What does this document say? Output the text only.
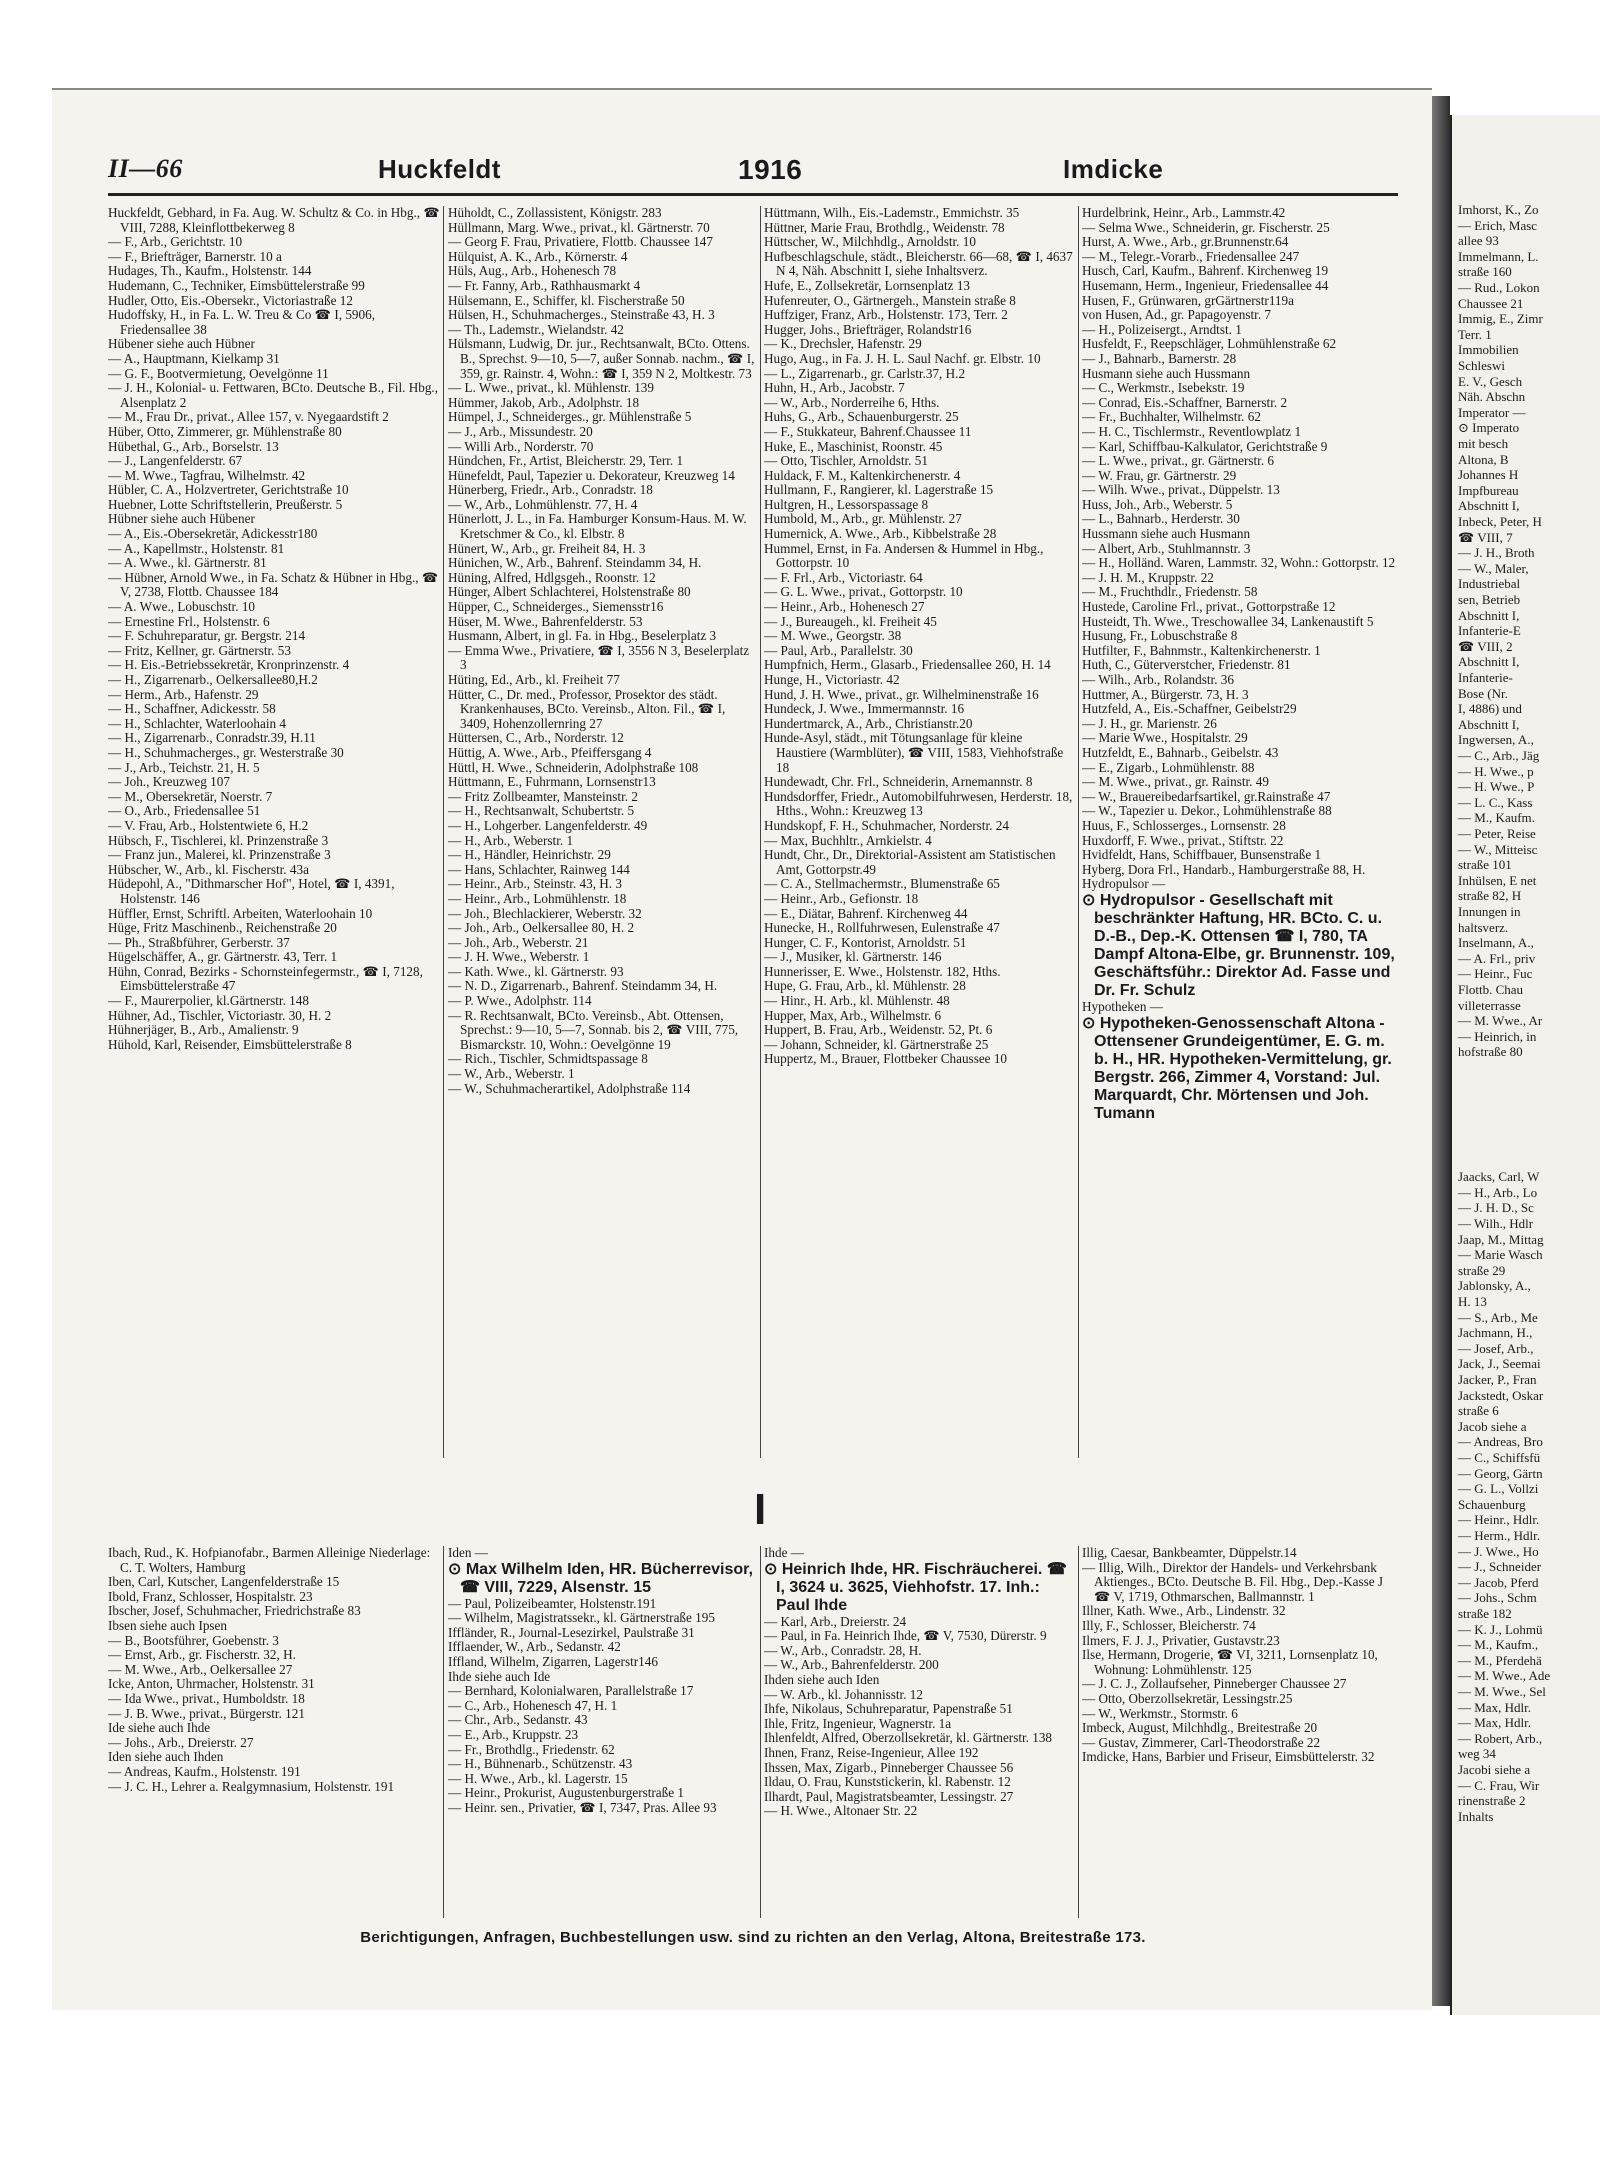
Imhorst, K., Zo
— Erich, Masc
allee 93
Immelmann, L.
straße 160
— Rud., Lokon
Chaussee 21
Immig, E., Zimr
Terr. 1
Immobilien
Schleswi
E. V., Gesch
Näh. Abschn
Imperator —
⊙ Imperato
mit besch
Altona, B
Johannes H
Impfbureau
Abschnitt I,
Inbeck, Peter, H
☎ VIII, 7
— J. H., Broth
— W., Maler,
Industriebal
sen, Betrieb
Abschnitt I,
Infanterie-E
☎ VIII, 2
Abschnitt I,
Infanterie-
Bose (Nr.
I, 4886) und
Abschnitt I,
Ingwersen, A.,
— C., Arb., Jäg
— H. Wwe., p
— H. Wwe., P
— L. C., Kass
— M., Kaufm.
— Peter, Reise
— W., Mitteisc
straße 101
Inhülsen, E net
straße 82, H
Innungen in
haltsverz.
Inselmann, A.,
— A. Frl., priv
— Heinr., Fuc
Flottb. Chau
villeterrasse
— M. Wwe., Ar
— Heinrich, in
hofstraße 80
Jaacks, Carl, W
— H., Arb., Lo
— J. H. D., Sc
— Wilh., Hdlr
Jaap, M., Mittag
— Marie Wasch
straße 29
Jablonsky, A.,
H. 13
— S., Arb., Me
Jachmann, H.,
— Josef, Arb.,
Jack, J., Seemai
Jacker, P., Fran
Jackstedt, Oskar
straße 6
Jacob siehe a
— Andreas, Bro
— C., Schiffsfü
— Georg, Gärtn
— G. L., Vollzi
Schauenburg
— Heinr., Hdlr.
— Herm., Hdlr.
— J. Wwe., Ho
— J., Schneider
— Jacob, Pferd
— Johs., Schm
straße 182
— K. J., Lohmü
— M., Kaufm.,
— M., Pferdehä
— M. Wwe., Ade
— M. Wwe., Sel
— Max, Hdlr.
— Max, Hdlr.
— Robert, Arb.,
weg 34
Jacobi siehe a
— C. Frau, Wir
rinenstraße 2
Inhalts
II—66	Huckfeldt	1916	Imdicke

Huckfeldt, Gebhard, in Fa. Aug. W. Schultz & Co. in Hbg., ☎ VIII, 7288, Kleinflottbekerweg 8

— F., Arb., Gerichtstr. 10

— F., Briefträger, Barnerstr. 10 a

Hudages, Th., Kaufm., Holstenstr. 144

Hudemann, C., Techniker, Eimsbüttelerstraße 99

Hudler, Otto, Eis.-Obersekr., Victoriastraße 12

Hudoffsky, H., in Fa. L. W. Treu & Co ☎ I, 5906, Friedensallee 38

Hübener siehe auch Hübner

— A., Hauptmann, Kielkamp 31

— G. F., Bootvermietung, Oevelgönne 11

— J. H., Kolonial- u. Fettwaren, BCto. Deutsche B., Fil. Hbg., Alsenplatz 2

— M., Frau Dr., privat., Allee 157, v. Nyegaardstift 2

Hüber, Otto, Zimmerer, gr. Mühlenstraße 80

Hübethal, G., Arb., Borselstr. 13

— J., Langenfelderstr. 67

— M. Wwe., Tagfrau, Wilhelmstr. 42

Hübler, C. A., Holzvertreter, Gerichtstraße 10

Huebner, Lotte Schriftstellerin, Preußerstr. 5

Hübner siehe auch Hübener

— A., Eis.-Obersekretär, Adickesstr180

— A., Kapellmstr., Holstenstr. 81

— A. Wwe., kl. Gärtnerstr. 81

— Hübner, Arnold Wwe., in Fa. Schatz & Hübner in Hbg., ☎ V, 2738, Flottb. Chaussee 184

— A. Wwe., Lobuschstr. 10

— Ernestine Frl., Holstenstr. 6

— F. Schuhreparatur, gr. Bergstr. 214

— Fritz, Kellner, gr. Gärtnerstr. 53

— H. Eis.-Betriebssekretär, Kronprinzenstr. 4

— H., Zigarrenarb., Oelkersallee80,H.2

— Herm., Arb., Hafenstr. 29

— H., Schaffner, Adickesstr. 58

— H., Schlachter, Waterloohain 4

— H., Zigarrenarb., Conradstr.39, H.11

— H., Schuhmacherges., gr. Westerstraße 30

— J., Arb., Teichstr. 21, H. 5

— Joh., Kreuzweg 107

— M., Obersekretär, Noerstr. 7

— O., Arb., Friedensallee 51

— V. Frau, Arb., Holstentwiete 6, H.2

Hübsch, F., Tischlerei, kl. Prinzenstraße 3

— Franz jun., Malerei, kl. Prinzenstraße 3

Hübscher, W., Arb., kl. Fischerstr. 43a

Hüdepohl, A., "Dithmarscher Hof", Hotel, ☎ I, 4391, Holstenstr. 146

Hüffler, Ernst, Schriftl. Arbeiten, Waterloohain 10

Hüge, Fritz Maschinenb., Reichenstraße 20

— Ph., Straßbführer, Gerberstr. 37

Hügelschäffer, A., gr. Gärtnerstr. 43, Terr. 1

Hühn, Conrad, Bezirks - Schornsteinfegermstr., ☎ I, 7128, Eimsbüttelerstraße 47

— F., Maurerpolier, kl.Gärtnerstr. 148

Hühner, Ad., Tischler, Victoriastr. 30, H. 2

Hühnerjäger, B., Arb., Amalienstr. 9

Hühold, Karl, Reisender, Eimsbüttelerstraße 8

Hüholdt, C., Zollassistent, Königstr. 283

Hüllmann, Marg. Wwe., privat., kl. Gärtnerstr. 70

— Georg F. Frau, Privatiere, Flottb. Chaussee 147

Hülquist, A. K., Arb., Körnerstr. 4

Hüls, Aug., Arb., Hohenesch 78

— Fr. Fanny, Arb., Rathhausmarkt 4

Hülsemann, E., Schiffer, kl. Fischerstraße 50

Hülsen, H., Schuhmacherges., Steinstraße 43, H. 3

— Th., Lademstr., Wielandstr. 42

Hülsmann, Ludwig, Dr. jur., Rechtsanwalt, BCto. Ottens. B., Sprechst. 9—10, 5—7, außer Sonnab. nachm., ☎ I, 359, gr. Rainstr. 4, Wohn.: ☎ I, 359 N 2, Moltkestr. 73

— L. Wwe., privat., kl. Mühlenstr. 139

Hümmer, Jakob, Arb., Adolphstr. 18

Hümpel, J., Schneiderges., gr. Mühlenstraße 5

— J., Arb., Missundestr. 20

— Willi Arb., Norderstr. 70

Hündchen, Fr., Artist, Bleicherstr. 29, Terr. 1

Hünefeldt, Paul, Tapezier u. Dekorateur, Kreuzweg 14

Hünerberg, Friedr., Arb., Conradstr. 18

— W., Arb., Lohmühlenstr. 77, H. 4

Hünerlott, J. L., in Fa. Hamburger Konsum-Haus. M. W. Kretschmer & Co., kl. Elbstr. 8

Hünert, W., Arb., gr. Freiheit 84, H. 3

Hünichen, W., Arb., Bahrenf. Steindamm 34, H.

Hüning, Alfred, Hdlgsgeh., Roonstr. 12

Hünger, Albert Schlachterei, Holstenstraße 80

Hüpper, C., Schneiderges., Siemensstr16

Hüser, M. Wwe., Bahrenfelderstr. 53

Husmann, Albert, in gl. Fa. in Hbg., Beselerplatz 3

— Emma Wwe., Privatiere, ☎ I, 3556 N 3, Beselerplatz 3

Hüting, Ed., Arb., kl. Freiheit 77

Hütter, C., Dr. med., Professor, Prosektor des städt. Krankenhauses, BCto. Vereinsb., Alton. Fil., ☎ I, 3409, Hohenzollernring 27

Hüttersen, C., Arb., Norderstr. 12

Hüttig, A. Wwe., Arb., Pfeiffersgang 4

Hüttl, H. Wwe., Schneiderin, Adolphstraße 108

Hüttmann, E., Fuhrmann, Lornsenstr13

— Fritz Zollbeamter, Mansteinstr. 2

— H., Rechtsanwalt, Schubertstr. 5

— H., Lohgerber. Langenfelderstr. 49

— H., Arb., Weberstr. 1

— H., Händler, Heinrichstr. 29

— Hans, Schlachter, Rainweg 144

— Heinr., Arb., Steinstr. 43, H. 3

— Heinr., Arb., Lohmühlenstr. 18

— Joh., Blechlackierer, Weberstr. 32

— Joh., Arb., Oelkersallee 80, H. 2

— Joh., Arb., Weberstr. 21

— J. H. Wwe., Weberstr. 1

— Kath. Wwe., kl. Gärtnerstr. 93

— N. D., Zigarrenarb., Bahrenf. Steindamm 34, H.

— P. Wwe., Adolphstr. 114

— R. Rechtsanwalt, BCto. Vereinsb., Abt. Ottensen, Sprechst.: 9—10, 5—7, Sonnab. bis 2, ☎ VIII, 775, Bismarckstr. 10, Wohn.: Oevelgönne 19

— Rich., Tischler, Schmidtspassage 8

— W., Arb., Weberstr. 1

— W., Schuhmacherartikel, Adolphstraße 114

Hüttmann, Wilh., Eis.-Lademstr., Emmichstr. 35

Hüttner, Marie Frau, Brothdlg., Weidenstr. 78

Hüttscher, W., Milchhdlg., Arnoldstr. 10

Hufbeschlagschule, städt., Bleicherstr. 66—68, ☎ I, 4637 N 4, Näh. Abschnitt I, siehe Inhaltsverz.

Hufe, E., Zollsekretär, Lornsenplatz 13

Hufenreuter, O., Gärtnergeh., Manstein straße 8

Huffziger, Franz, Arb., Holstenstr. 173, Terr. 2

Hugger, Johs., Briefträger, Rolandstr16

— K., Drechsler, Hafenstr. 29

Hugo, Aug., in Fa. J. H. L. Saul Nachf. gr. Elbstr. 10

— L., Zigarrenarb., gr. Carlstr.37, H.2

Huhn, H., Arb., Jacobstr. 7

— W., Arb., Norderreihe 6, Hths.

Huhs, G., Arb., Schauenburgerstr. 25

— F., Stukkateur, Bahrenf.Chaussee 11

Huke, E., Maschinist, Roonstr. 45

— Otto, Tischler, Arnoldstr. 51

Huldack, F. M., Kaltenkirchenerstr. 4

Hullmann, F., Rangierer, kl. Lagerstraße 15

Hultgren, H., Lessorspassage 8

Humbold, M., Arb., gr. Mühlenstr. 27

Humernick, A. Wwe., Arb., Kibbelstraße 28

Hummel, Ernst, in Fa. Andersen & Hummel in Hbg., Gottorpstr. 10

— F. Frl., Arb., Victoriastr. 64

— G. L. Wwe., privat., Gottorpstr. 10

— Heinr., Arb., Hohenesch 27

— J., Bureaugeh., kl. Freiheit 45

— M. Wwe., Georgstr. 38

— Paul, Arb., Parallelstr. 30

Humpfnich, Herm., Glasarb., Friedensallee 260, H. 14

Hunge, H., Victoriastr. 42

Hund, J. H. Wwe., privat., gr. Wilhelminenstraße 16

Hundeck, J. Wwe., Immermannstr. 16

Hundertmarck, A., Arb., Christianstr.20

Hunde-Asyl, städt., mit Tötungsanlage für kleine Haustiere (Warmblüter), ☎ VIII, 1583, Viehhofstraße 18

Hundewadt, Chr. Frl., Schneiderin, Arnemannstr. 8

Hundsdorffer, Friedr., Automobilfuhrwesen, Herderstr. 18, Hths., Wohn.: Kreuzweg 13

Hundskopf, F. H., Schuhmacher, Norderstr. 24

— Max, Buchhltr., Arnkielstr. 4

Hundt, Chr., Dr., Direktorial-Assistent am Statistischen Amt, Gottorpstr.49

— C. A., Stellmachermstr., Blumenstraße 65

— Heinr., Arb., Gefionstr. 18

— E., Diätar, Bahrenf. Kirchenweg 44

Hunecke, H., Rollfuhrwesen, Eulenstraße 47

Hunger, C. F., Kontorist, Arnoldstr. 51

— J., Musiker, kl. Gärtnerstr. 146

Hunnerisser, E. Wwe., Holstenstr. 182, Hths.

Hupe, G. Frau, Arb., kl. Mühlenstr. 28

— Hinr., H. Arb., kl. Mühlenstr. 48

Hupper, Max, Arb., Wilhelmstr. 6

Huppert, B. Frau, Arb., Weidenstr. 52, Pt. 6

— Johann, Schneider, kl. Gärtnerstraße 25

Huppertz, M., Brauer, Flottbeker Chaussee 10

Hurdelbrink, Heinr., Arb., Lammstr.42

— Selma Wwe., Schneiderin, gr. Fischerstr. 25

Hurst, A. Wwe., Arb., gr.Brunnenstr.64

— M., Telegr.-Vorarb., Friedensallee 247

Husch, Carl, Kaufm., Bahrenf. Kirchenweg 19

Husemann, Herm., Ingenieur, Friedensallee 44

Husen, F., Grünwaren, grGärtnerstr119a

von Husen, Ad., gr. Papagoyenstr. 7

— H., Polizeisergt., Arndtst. 1

Husfeldt, F., Reepschläger, Lohmühlenstraße 62

— J., Bahnarb., Barnerstr. 28

Husmann siehe auch Hussmann

— C., Werkmstr., Isebekstr. 19

— Conrad, Eis.-Schaffner, Barnerstr. 2

— Fr., Buchhalter, Wilhelmstr. 62

— H. C., Tischlermstr., Reventlowplatz 1

— Karl, Schiffbau-Kalkulator, Gerichtstraße 9

— L. Wwe., privat., gr. Gärtnerstr. 6

— W. Frau, gr. Gärtnerstr. 29

— Wilh. Wwe., privat., Düppelstr. 13

Huss, Joh., Arb., Weberstr. 5

— L., Bahnarb., Herderstr. 30

Hussmann siehe auch Husmann

— Albert, Arb., Stuhlmannstr. 3

— H., Holländ. Waren, Lammstr. 32, Wohn.: Gottorpstr. 12

— J. H. M., Kruppstr. 22

— M., Fruchthdlr., Friedenstr. 58

Hustede, Caroline Frl., privat., Gottorpstraße 12

Husteidt, Th. Wwe., Treschowallee 34, Lankenaustift 5

Husung, Fr., Lobuschstraße 8

Hutfilter, F., Bahnmstr., Kaltenkirchenerstr. 1

Huth, C., Güterverstcher, Friedenstr. 81

— Wilh., Arb., Rolandstr. 36

Huttmer, A., Bürgerstr. 73, H. 3

Hutzfeld, A., Eis.-Schaffner, Geibelstr29

— J. H., gr. Marienstr. 26

— Marie Wwe., Hospitalstr. 29

Hutzfeldt, E., Bahnarb., Geibelstr. 43

— E., Zigarb., Lohmühlenstr. 88

— M. Wwe., privat., gr. Rainstr. 49

— W., Brauereibedarfsartikel, gr.Rainstraße 47

— W., Tapezier u. Dekor., Lohmühlenstraße 88

Huus, F., Schlosserges., Lornsenstr. 28

Huxdorff, F. Wwe., privat., Stiftstr. 22

Hvidfeldt, Hans, Schiffbauer, Bunsenstraße 1

Hyberg, Dora Frl., Handarb., Hamburgerstraße 88, H.

Hydropulsor —

⊙ Hydropulsor - Gesellschaft mit beschränkter Haftung, HR. BCto. C. u. D.-B., Dep.-K. Ottensen ☎ I, 780, TA Dampf Altona-Elbe, gr. Brunnenstr. 109, Geschäftsführ.: Direktor Ad. Fasse und Dr. Fr. Schulz

Hypotheken —

⊙ Hypotheken-Genossenschaft Altona - Ottensener Grundeigentümer, E. G. m. b. H., HR. Hypotheken-Vermittelung, gr. Bergstr. 266, Zimmer 4, Vorstand: Jul. Marquardt, Chr. Mörtensen und Joh. Tumann

I

Ibach, Rud., K. Hofpianofabr., Barmen Alleinige Niederlage: C. T. Wolters, Hamburg

Iben, Carl, Kutscher, Langenfelderstraße 15

Ibold, Franz, Schlosser, Hospitalstr. 23

Ibscher, Josef, Schuhmacher, Friedrichstraße 83

Ibsen siehe auch Ipsen

— B., Bootsführer, Goebenstr. 3

— Ernst, Arb., gr. Fischerstr. 32, H.

— M. Wwe., Arb., Oelkersallee 27

Icke, Anton, Uhrmacher, Holstenstr. 31

— Ida Wwe., privat., Humboldstr. 18

— J. B. Wwe., privat., Bürgerstr. 121

Ide siehe auch Ihde

— Johs., Arb., Dreierstr. 27

Iden siehe auch Ihden

— Andreas, Kaufm., Holstenstr. 191

— J. C. H., Lehrer a. Realgymnasium, Holstenstr. 191

Iden —

⊙ Max Wilhelm Iden, HR. Bücherrevisor, ☎ VIII, 7229, Alsenstr. 15

— Paul, Polizeibeamter, Holstenstr.191

— Wilhelm, Magistratssekr., kl. Gärtnerstraße 195

Iffländer, R., Journal-Lesezirkel, Paulstraße 31

Ifflaender, W., Arb., Sedanstr. 42

Iffland, Wilhelm, Zigarren, Lagerstr146

Ihde siehe auch Ide

— Bernhard, Kolonialwaren, Parallelstraße 17

— C., Arb., Hohenesch 47, H. 1

— Chr., Arb., Sedanstr. 43

— E., Arb., Kruppstr. 23

— Fr., Brothdlg., Friedenstr. 62

— H., Bühnenarb., Schützenstr. 43

— H. Wwe., Arb., kl. Lagerstr. 15

— Heinr., Prokurist, Augustenburgerstraße 1

— Heinr. sen., Privatier, ☎ I, 7347, Pras. Allee 93

Ihde —

⊙ Heinrich Ihde, HR. Fischräucherei. ☎ I, 3624 u. 3625, Viehhofstr. 17. Inh.: Paul Ihde

— Karl, Arb., Dreierstr. 24

— Paul, in Fa. Heinrich Ihde, ☎ V, 7530, Dürerstr. 9

— W., Arb., Conradstr. 28, H.

— W., Arb., Bahrenfelderstr. 200

Ihden siehe auch Iden

— W. Arb., kl. Johannisstr. 12

Ihfe, Nikolaus, Schuhreparatur, Papenstraße 51

Ihle, Fritz, Ingenieur, Wagnerstr. 1a

Ihlenfeldt, Alfred, Oberzollsekretär, kl. Gärtnerstr. 138

Ihnen, Franz, Reise-Ingenieur, Allee 192

Ihssen, Max, Zigarb., Pinneberger Chaussee 56

Ildau, O. Frau, Kunststickerin, kl. Rabenstr. 12

Ilhardt, Paul, Magistratsbeamter, Lessingstr. 27

— H. Wwe., Altonaer Str. 22

Illig, Caesar, Bankbeamter, Düppelstr.14

— Illig, Wilh., Direktor der Handels- und Verkehrsbank Aktienges., BCto. Deutsche B. Fil. Hbg., Dep.-Kasse J ☎ V, 1719, Othmarschen, Ballmannstr. 1

Illner, Kath. Wwe., Arb., Lindenstr. 32

Illy, F., Schlosser, Bleicherstr. 74

Ilmers, F. J. J., Privatier, Gustavstr.23

Ilse, Hermann, Drogerie, ☎ VI, 3211, Lornsenplatz 10, Wohnung: Lohmühlenstr. 125

— J. C. J., Zollaufseher, Pinneberger Chaussee 27

— Otto, Oberzollsekretär, Lessingstr.25

— W., Werkmstr., Stormstr. 6

Imbeck, August, Milchhdlg., Breitestraße 20

— Gustav, Zimmerer, Carl-Theodorstraße 22

Imdicke, Hans, Barbier und Friseur, Eimsbüttelerstr. 32

Berichtigungen, Anfragen, Buchbestellungen usw. sind zu richten an den Verlag, Altona, Breitestraße 173.
